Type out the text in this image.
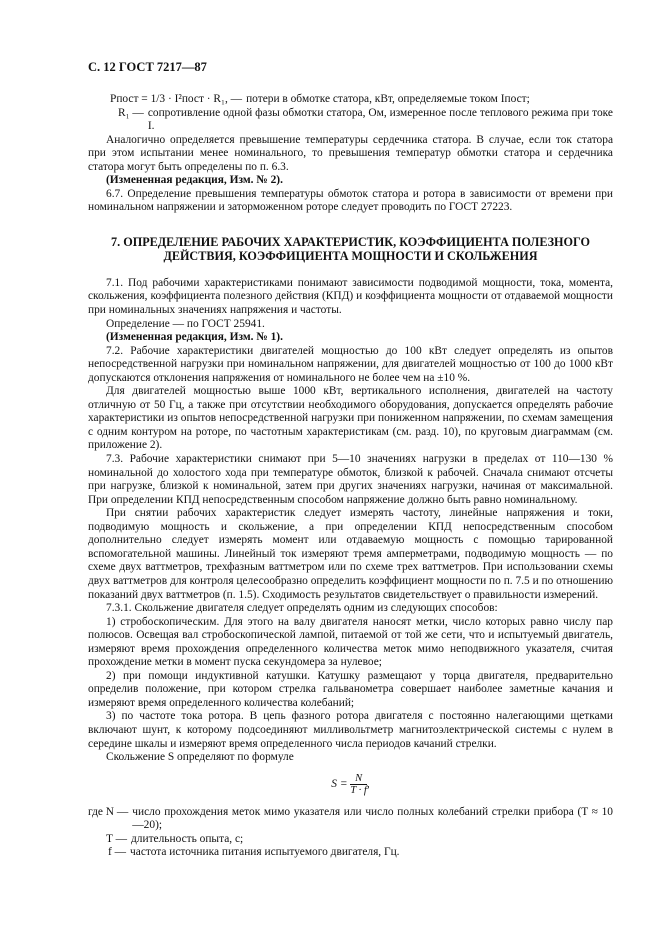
С. 12 ГОСТ 7217—87
Pпост = 1/3 · I²пост · R₁, — потери в обмотке статора, кВт, определяемые током Iпост;
R₁ — сопротивление одной фазы обмотки статора, Ом, измеренное после теплового режима при токе I.

Аналогично определяется превышение температуры сердечника статора. В случае, если ток статора при этом испытании менее номинального, то превышения температур обмотки статора и сердечника статора могут быть определены по п. 6.3.

(Измененная редакция, Изм. № 2).

6.7. Определение превышения температуры обмоток статора и ротора в зависимости от времени при номинальном напряжении и заторможенном роторе следует проводить по ГОСТ 27223.

7. ОПРЕДЕЛЕНИЕ РАБОЧИХ ХАРАКТЕРИСТИК, КОЭФФИЦИЕНТА ПОЛЕЗНОГО ДЕЙСТВИЯ, КОЭФФИЦИЕНТА МОЩНОСТИ И СКОЛЬЖЕНИЯ

7.1. Под рабочими характеристиками понимают зависимости подводимой мощности, тока, момента, скольжения, коэффициента полезного действия (КПД) и коэффициента мощности от отдаваемой мощности при номинальных значениях напряжения и частоты.

Определение — по ГОСТ 25941.

(Измененная редакция, Изм. № 1).

7.2. Рабочие характеристики двигателей мощностью до 100 кВт следует определять из опытов непосредственной нагрузки при номинальном напряжении, для двигателей мощностью от 100 до 1000 кВт допускаются отклонения напряжения от номинального не более чем на ±10 %.

Для двигателей мощностью выше 1000 кВт, вертикального исполнения, двигателей на частоту отличную от 50 Гц, а также при отсутствии необходимого оборудования, допускается определять рабочие характеристики из опытов непосредственной нагрузки при пониженном напряжении, по схемам замещения с одним контуром на роторе, по частотным характеристикам (см. разд. 10), по круговым диаграммам (см. приложение 2).

7.3. Рабочие характеристики снимают при 5—10 значениях нагрузки в пределах от 110—130 % номинальной до холостого хода при температуре обмоток, близкой к рабочей. Сначала снимают отсчеты при нагрузке, близкой к номинальной, затем при других значениях нагрузки, начиная от максимальной. При определении КПД непосредственным способом напряжение должно быть равно номинальному.

При снятии рабочих характеристик следует измерять частоту, линейные напряжения и токи, подводимую мощность и скольжение, а при определении КПД непосредственным способом дополнительно следует измерять момент или отдаваемую мощность с помощью тарированной вспомогательной машины. Линейный ток измеряют тремя амперметрами, подводимую мощность — по схеме двух ваттметров, трехфазным ваттметром или по схеме трех ваттметров. При использовании схемы двух ваттметров для контроля целесообразно определить коэффициент мощности по п. 7.5 и по отношению показаний двух ваттметров (п. 1.5). Сходимость результатов свидетельствует о правильности измерений.

7.3.1. Скольжение двигателя следует определять одним из следующих способов:

1) стробоскопическим. Для этого на валу двигателя наносят метки, число которых равно числу пар полюсов. Освещая вал стробоскопической лампой, питаемой от той же сети, что и испытуемый двигатель, измеряют время прохождения определенного количества меток мимо неподвижного указателя, считая прохождение метки в момент пуска секундомера за нулевое;

2) при помощи индуктивной катушки. Катушку размещают у торца двигателя, предварительно определив положение, при котором стрелка гальванометра совершает наиболее заметные качания и измеряют время определенного количества колебаний;

3) по частоте тока ротора. В цепь фазного ротора двигателя с постоянно налегающими щетками включают шунт, к которому подсоединяют милливольтметр магнитоэлектрической системы с нулем в середине шкалы и измеряют время определенного числа периодов качаний стрелки.

Скольжение S определяют по формуле

$S = \frac{N}{T \cdot f}$ ,
где N — число прохождения меток мимо указателя или число полных колебаний стрелки прибора (T ≈ 10—20);
T — длительность опыта, с;
f — частота источника питания испытуемого двигателя, Гц.
